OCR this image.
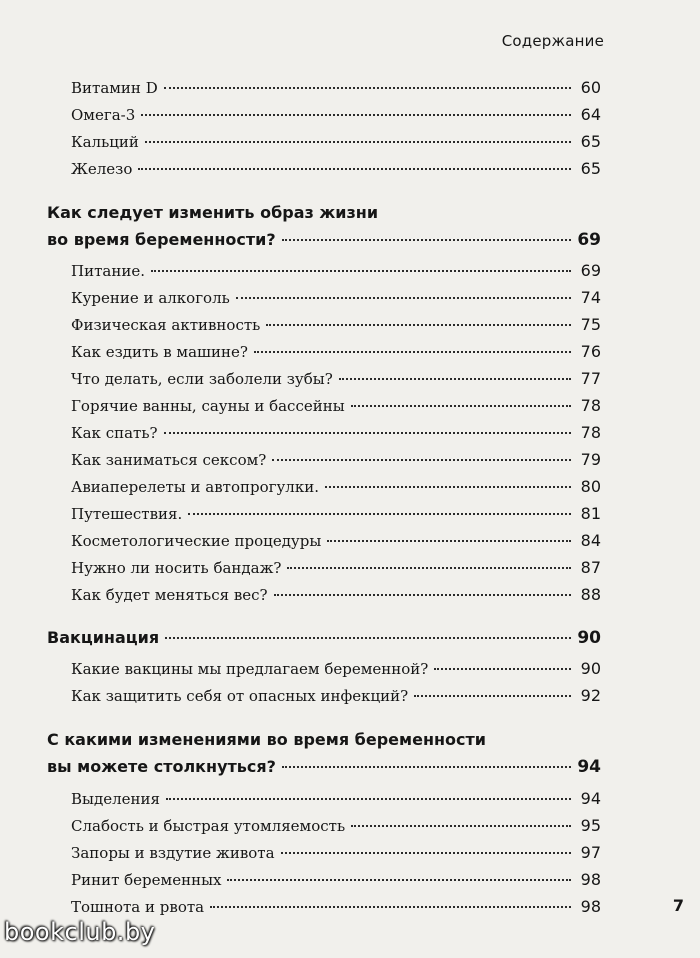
Содержание
Витамин D	60
Омега-3	64
Кальций	65
Железо	65
Как следует изменить образ жизни
во время беременности?	69
Питание.	69
Курение и алкоголь	74
Физическая активность	75
Как ездить в машине?	76
Что делать, если заболели зубы?	77
Горячие ванны, сауны и бассейны	78
Как спать?	78
Как заниматься сексом?	79
Авиаперелеты и автопрогулки.	80
Путешествия.	81
Косметологические процедуры	84
Нужно ли носить бандаж?	87
Как будет меняться вес?	88
Вакцинация	90
Какие вакцины мы предлагаем беременной?	90
Как защитить себя от опасных инфекций?	92
С какими изменениями во время беременности
вы можете столкнуться?	94
Выделения	94
Слабость и быстрая утомляемость	95
Запоры и вздутие живота	97
Ринит беременных	98
Тошнота и рвота	98	7
bookclub.by
